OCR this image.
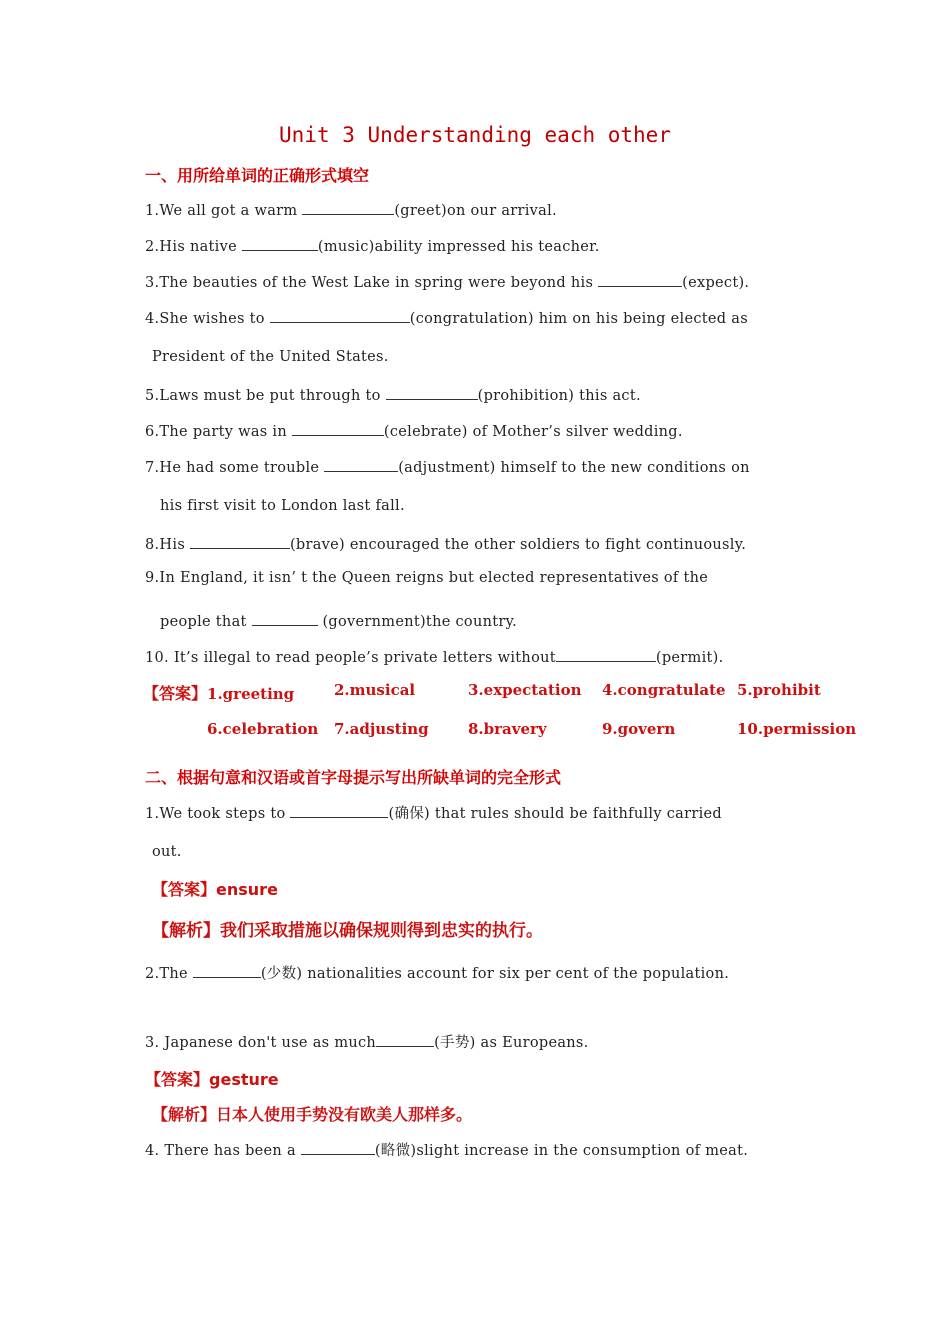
Unit 3 Understanding each other
一、用所给单词的正确形式填空
1.We all got a warm	(greet)on our arrival.
2.His native	(music)ability impressed his teacher.
3.The beauties of the West Lake in spring were beyond his	(expect).
4.She wishes to	(congratulation) him on his being elected as
President of the United States.
5.Laws must be put through to	(prohibition) this act.
6.The party was in	(celebrate) of Mother’s silver wedding.
7.He had some trouble	(adjustment) himself to the new conditions on
his first visit to London last fall.
8.His	(brave) encouraged the other soldiers to fight continuously.
9.In England, it isn’ t the Queen reigns but elected representatives of the
people that	(government)the country.
10. It’s illegal to read people’s private letters without	(permit).
【答案】1.greeting	2.musical	3.expectation 4.congratulate 5.prohibit
6.celebration 7.adjusting	8.bravery	9.govern	10.permission
二、根据句意和汉语或首字母提示写出所缺单词的完全形式
1.We took steps to	(确保) that rules should be faithfully carried
out.
【答案】ensure
【解析】我们采取措施以确保规则得到忠实的执行。
2.The	(少数) nationalities account for six per cent of the population.
3. Japanese don't use as much	(手势) as Europeans.
【答案】gesture
【解析】日本人使用手势没有欧美人那样多。
4. There has been a	(略微)slight increase in the consumption of meat.
